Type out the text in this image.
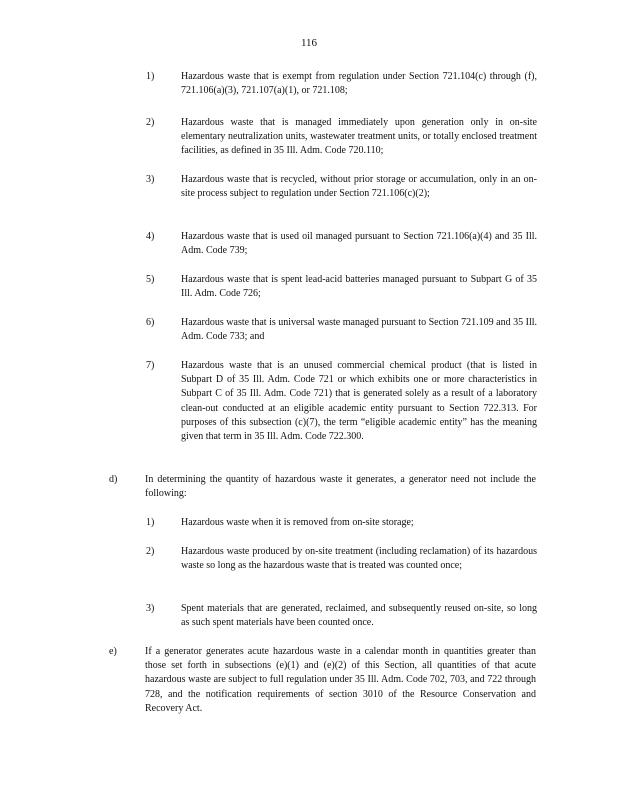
116
1)	Hazardous waste that is exempt from regulation under Section 721.104(c) through (f), 721.106(a)(3), 721.107(a)(1), or 721.108;
2)	Hazardous waste that is managed immediately upon generation only in on-site elementary neutralization units, wastewater treatment units, or totally enclosed treatment facilities, as defined in 35 Ill. Adm. Code 720.110;
3)	Hazardous waste that is recycled, without prior storage or accumulation, only in an on-site process subject to regulation under Section 721.106(c)(2);
4)	Hazardous waste that is used oil managed pursuant to Section 721.106(a)(4) and 35 Ill. Adm. Code 739;
5)	Hazardous waste that is spent lead-acid batteries managed pursuant to Subpart G of 35 Ill. Adm. Code 726;
6)	Hazardous waste that is universal waste managed pursuant to Section 721.109 and 35 Ill. Adm. Code 733; and
7)	Hazardous waste that is an unused commercial chemical product (that is listed in Subpart D of 35 Ill. Adm. Code 721 or which exhibits one or more characteristics in Subpart C of 35 Ill. Adm. Code 721) that is generated solely as a result of a laboratory clean-out conducted at an eligible academic entity pursuant to Section 722.313. For purposes of this subsection (c)(7), the term “eligible academic entity” has the meaning given that term in 35 Ill. Adm. Code 722.300.
d)	In determining the quantity of hazardous waste it generates, a generator need not include the following:
1)	Hazardous waste when it is removed from on-site storage;
2)	Hazardous waste produced by on-site treatment (including reclamation) of its hazardous waste so long as the hazardous waste that is treated was counted once;
3)	Spent materials that are generated, reclaimed, and subsequently reused on-site, so long as such spent materials have been counted once.
e)	If a generator generates acute hazardous waste in a calendar month in quantities greater than those set forth in subsections (e)(1) and (e)(2) of this Section, all quantities of that acute hazardous waste are subject to full regulation under 35 Ill. Adm. Code 702, 703, and 722 through 728, and the notification requirements of section 3010 of the Resource Conservation and Recovery Act.
